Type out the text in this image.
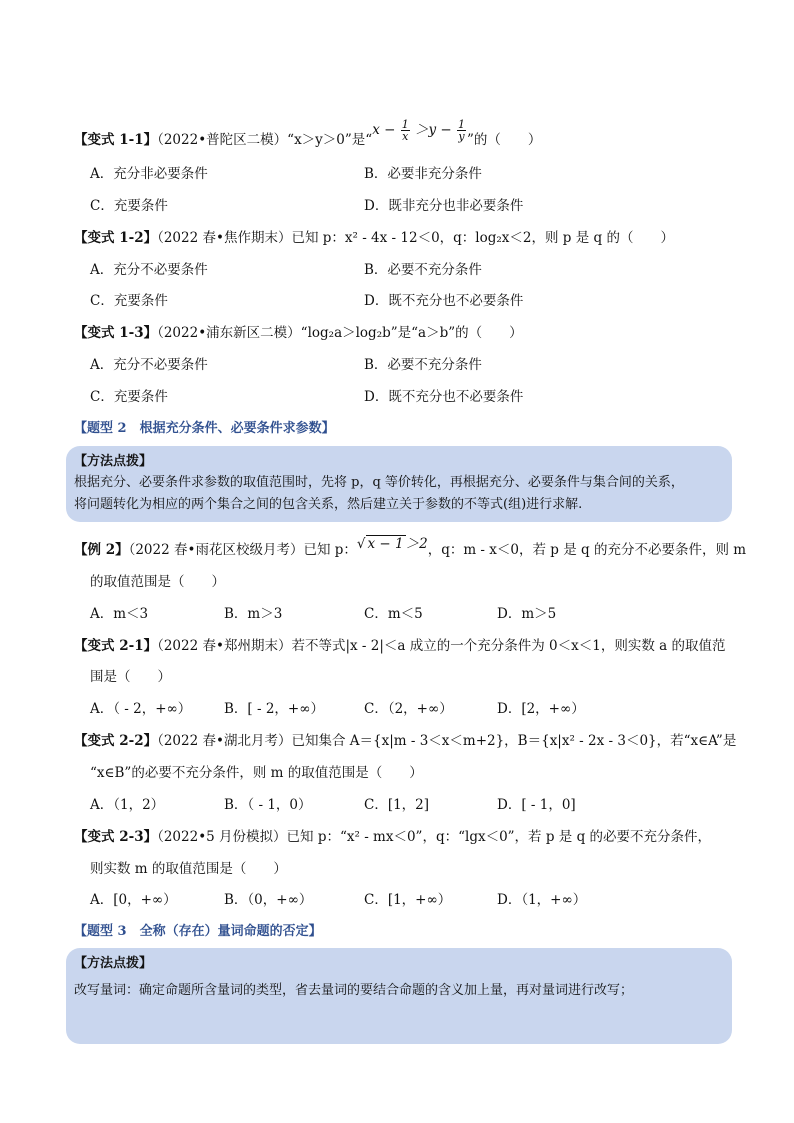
【变式 1-1】（2022•普陀区二模）“x＞y＞0”是“$x - \frac{1}{x} >y - \frac{1}{y}$ ”的（　　）
A．充分非必要条件	B．必要非充分条件
C．充要条件	D．既非充分也非必要条件
【变式 1-2】（2022 春•焦作期末）已知 p：x² - 4x - 12＜0，q：log₂x＜2，则 p 是 q 的（　　）
A．充分不必要条件	B．必要不充分条件
C．充要条件	D．既不充分也不必要条件
【变式 1-3】（2022•浦东新区二模）“log₂a＞log₂b”是“a＞b”的（　　）
A．充分不必要条件	B．必要不充分条件
C．充要条件	D．既不充分也不必要条件
【题型 2　根据充分条件、必要条件求参数】
【方法点拨】
根据充分、必要条件求参数的取值范围时，先将 p，q 等价转化，再根据充分、必要条件与集合间的关系，
将问题转化为相应的两个集合之间的包含关系，然后建立关于参数的不等式(组)进行求解.
【例 2】（2022 春•雨花区校级月考）已知 p：√ x − 1 ＞2，q：m - x＜0，若 p 是 q 的充分不必要条件，则 m
的取值范围是（　　）
A．m＜3	B．m＞3	C．m＜5	D．m＞5
【变式 2-1】（2022 春•郑州期末）若不等式|x - 2|＜a 成立的一个充分条件为 0＜x＜1，则实数 a 的取值范
围是（　　）
A．（ - 2，+∞） B．[ - 2，+∞）	C．（2，+∞）	D．[2，+∞）
【变式 2-2】（2022 春•湖北月考）已知集合 A＝{x|m - 3＜x＜m+2}，B＝{x|x² - 2x - 3＜0}，若“x∈A”是
“x∈B”的必要不充分条件，则 m 的取值范围是（　　）
A．（1，2）	B．（ - 1，0）	C．[1，2]	D．[ - 1，0]
【变式 2-3】（2022•5 月份模拟）已知 p：“x² - mx＜0”，q：“lgx＜0”，若 p 是 q 的必要不充分条件，
则实数 m 的取值范围是（　　）
A．[0，+∞）	B．（0，+∞）	C．[1，+∞）	D．（1，+∞）
【题型 3　全称（存在）量词命题的否定】
【方法点拨】
改写量词：确定命题所含量词的类型，省去量词的要结合命题的含义加上量，再对量词进行改写；
